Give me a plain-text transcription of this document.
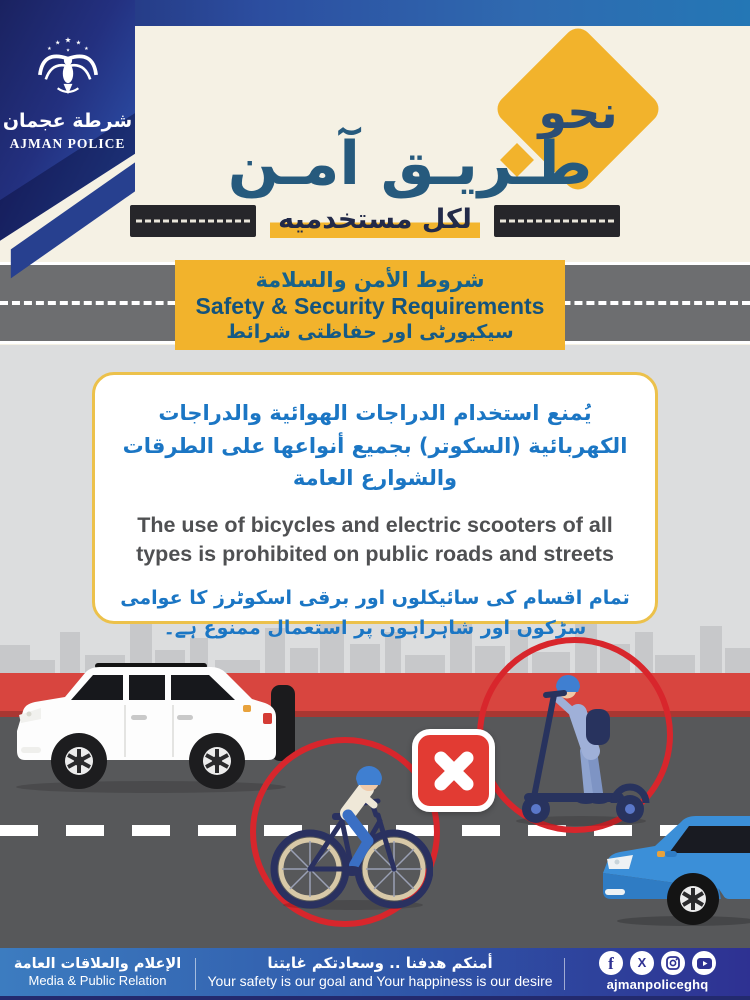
★
★ ★
★	★
★
شرطة عجمان
AJMAN POLICE
نحو
طـريـق آمـن
لكل مستخدميه
شروط الأمن والسلامة
Safety & Security Requirements
سیکیورٹی اور حفاظتی شرائط

يُمنع استخدام الدراجات الهوائية والدراجات الكهربائية (السكوتر) بجميع أنواعها على الطرقات والشوارع العامة

The use of bicycles and electric scooters of all types is prohibited on public roads and streets

تمام اقسام کی سائیکلوں اور برقی اسکوٹرز کا عوامی سڑکوں اور شاہراہوں پر استعمال ممنوع ہے۔

الإعلام والعلاقات العامة
Media & Public Relation
أمنكم هدفنا .. وسعادتكم غايتنا
Your safety is our goal and Your happiness is our desire
f	X
ajmanpoliceghq
